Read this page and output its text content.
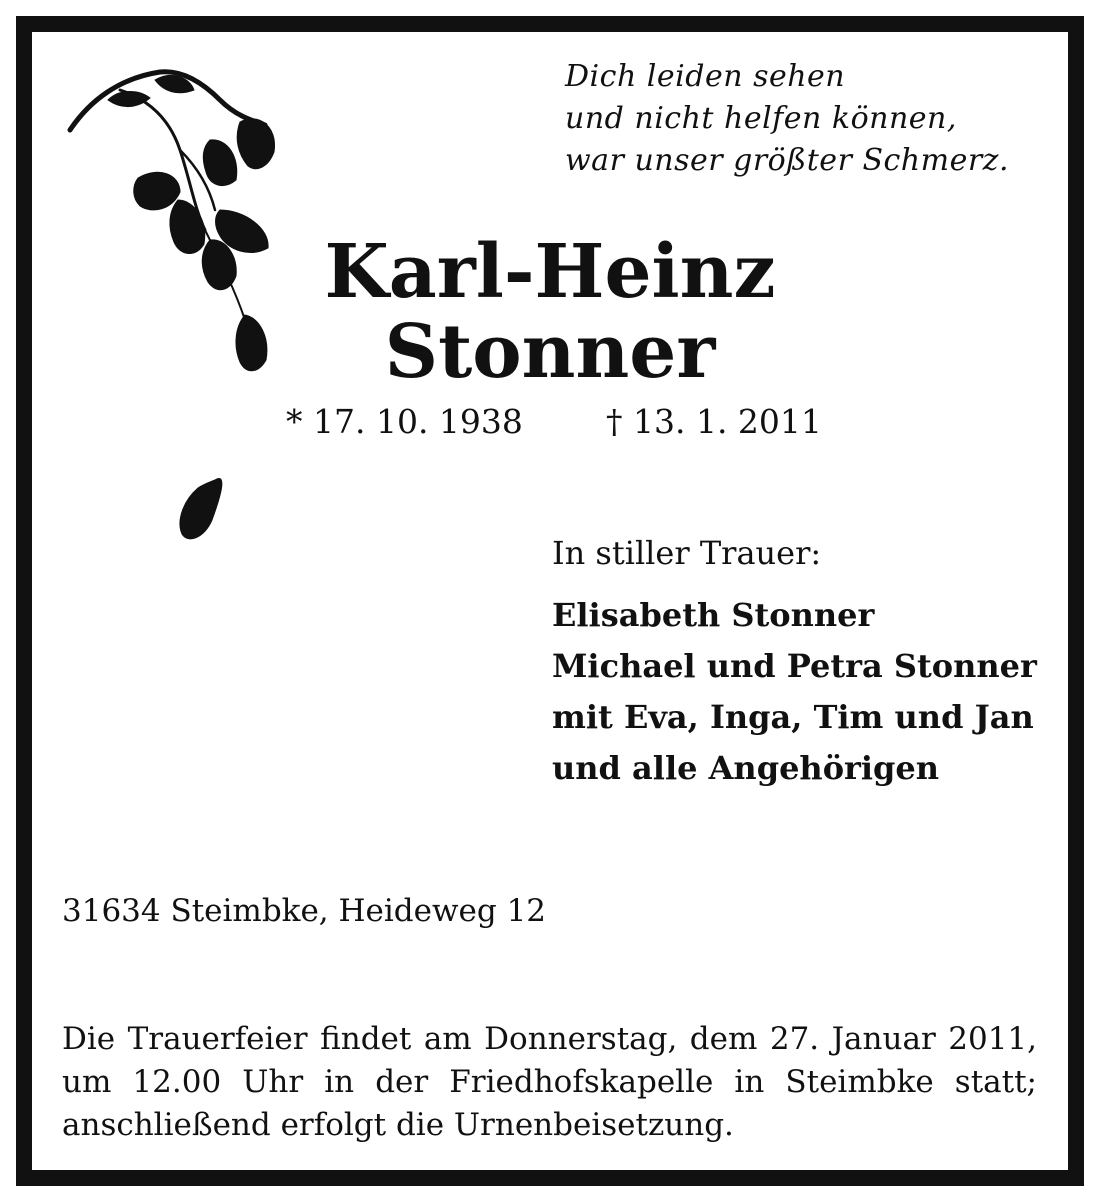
Dich leiden sehen
und nicht helfen können,
war unser größter Schmerz.
Karl-Heinz
Stonner
* 17. 10. 1938	† 13. 1. 2011
In stiller Trauer:
Elisabeth Stonner
Michael und Petra Stonner
mit Eva, Inga, Tim und Jan
und alle Angehörigen
31634 Steimbke, Heideweg 12
Die Trauerfeier findet am Donnerstag, dem 27. Januar 2011, um 12.00 Uhr in der Friedhofskapelle in Steimbke statt; anschließend erfolgt die Urnenbeisetzung.
